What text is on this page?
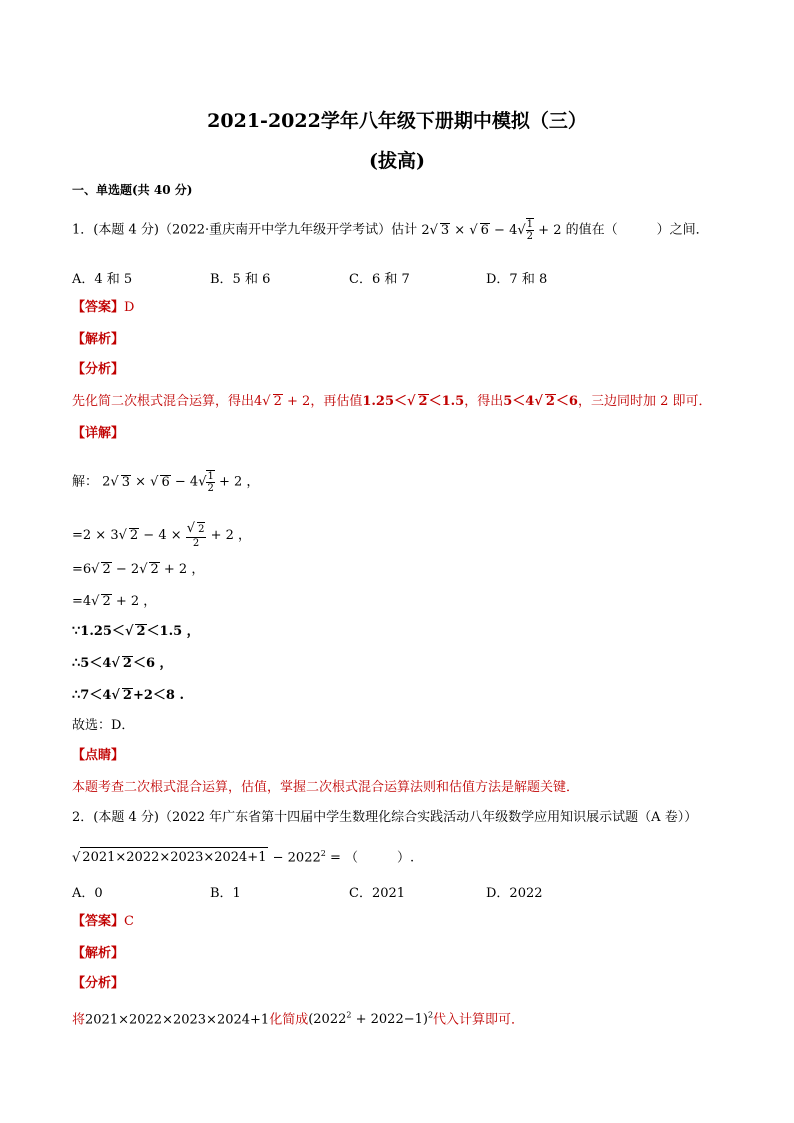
2021-2022学年八年级下册期中模拟（三）
(拔高)
一、单选题(共 40 分)
1．(本题 4 分)（2022·重庆南开中学九年级开学考试）估计 2√ 3 × √ $6 - 4√ \frac{1}{2} + 2$ 的值在（　　　）之间．
A．4 和 5	B．5 和 6	C．6 和 7	D．7 和 8
【答案】D
【解析】
【分析】
先化简二次根式混合运算，得出4√ 2 + 2，再估值1.25＜√ 2＜1.5，得出5＜4√ 2＜6，三边同时加 2 即可．
【详解】
解： 2√ 3 × √ $6 - 4√ \frac{1}{2} + 2$ ，
=2 × 3√ $2 - 4 \times \frac{√ 2}{2} + 2$ ，
=6√ 2 − 2√ 2 + 2 ，
=4√ 2 + 2 ，
∵1.25＜√ 2＜1.5 ，
∴5＜4√ 2＜6 ，
∴7＜4√ 2+2＜8 .
故选：D．
【点睛】
本题考查二次根式混合运算，估值，掌握二次根式混合运算法则和估值方法是解题关键．
2．(本题 4 分)（2022 年广东省第十四届中学生数理化综合实践活动八年级数学应用知识展示试题（A 卷））
√ $2021\times 2022\times 2023\times 2024+1 - 2022^2$ = （　　　）.
A．0	B．1	C．2021	D．2022
【答案】C
【解析】
【分析】
将2021×2022×2023×2024+1化简成$(2022^2 + 2022-1)^2$代入计算即可．
